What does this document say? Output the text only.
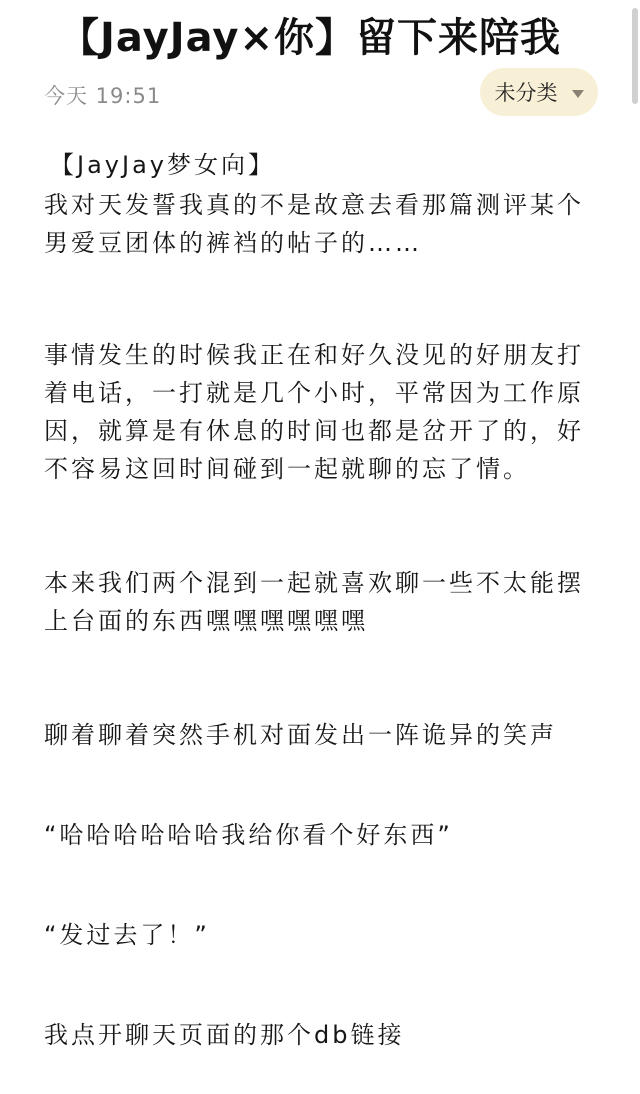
【JayJay×你】留下来陪我
今天 19:51	未分类

【JayJay梦女向】

我对天发誓我真的不是故意去看那篇测评某个男爱豆团体的裤裆的帖子的……

事情发生的时候我正在和好久没见的好朋友打着电话，一打就是几个小时，平常因为工作原因，就算是有休息的时间也都是岔开了的，好不容易这回时间碰到一起就聊的忘了情。

本来我们两个混到一起就喜欢聊一些不太能摆上台面的东西嘿嘿嘿嘿嘿嘿

聊着聊着突然手机对面发出一阵诡异的笑声

“哈哈哈哈哈哈我给你看个好东西”

“发过去了！”

我点开聊天页面的那个db链接
